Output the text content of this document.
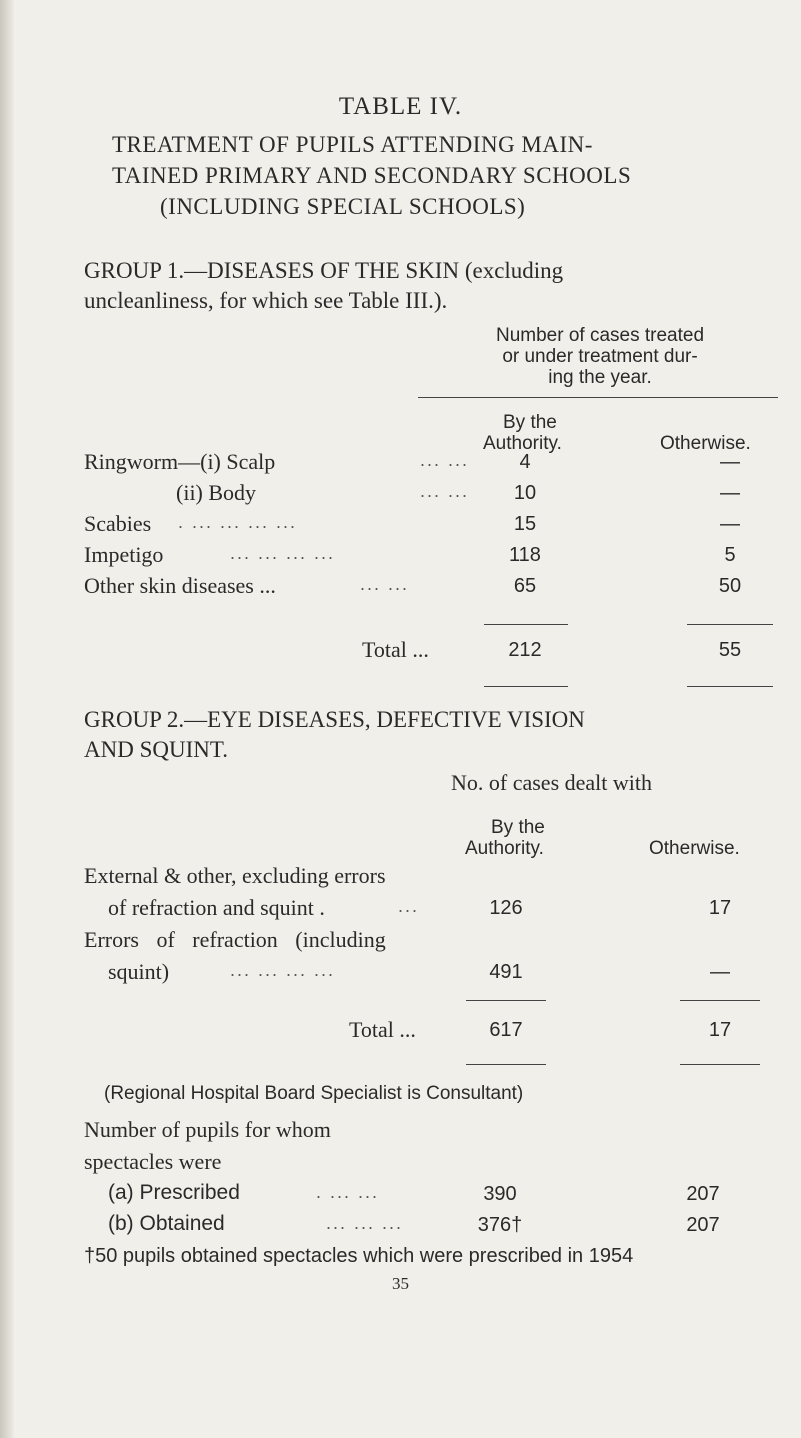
TABLE IV.
TREATMENT OF PUPILS ATTENDING MAIN-
TAINED PRIMARY AND SECONDARY SCHOOLS
(INCLUDING SPECIAL SCHOOLS)
GROUP 1.—DISEASES OF THE SKIN (excluding
uncleanliness, for which see Table III.).
Number of cases treated
or under treatment dur-
ing the year.
By the
Authority.	Otherwise.
Ringworm—(i) Scalp	... ...	4	—
(ii) Body	... ...	10	—
Scabies . ... ... ... ...	15	—
Impetigo	... ... ... ...	118	5
Other skin diseases ...	... ...	65	50
Total ...	212	55
GROUP 2.—EYE DISEASES, DEFECTIVE VISION
AND SQUINT.
No. of cases dealt with
By the
Authority.	Otherwise.
External & other, excluding errors
of refraction and squint .	...	126	17
Errors of refraction (including
squint)	... ... ... ...	491	—
Total ...	617	17
(Regional Hospital Board Specialist is Consultant)
Number of pupils for whom
spectacles were
(a) Prescribed	. ... ...	390	207
(b) Obtained	... ... ...	376†	207
†50 pupils obtained spectacles which were prescribed in 1954
35
